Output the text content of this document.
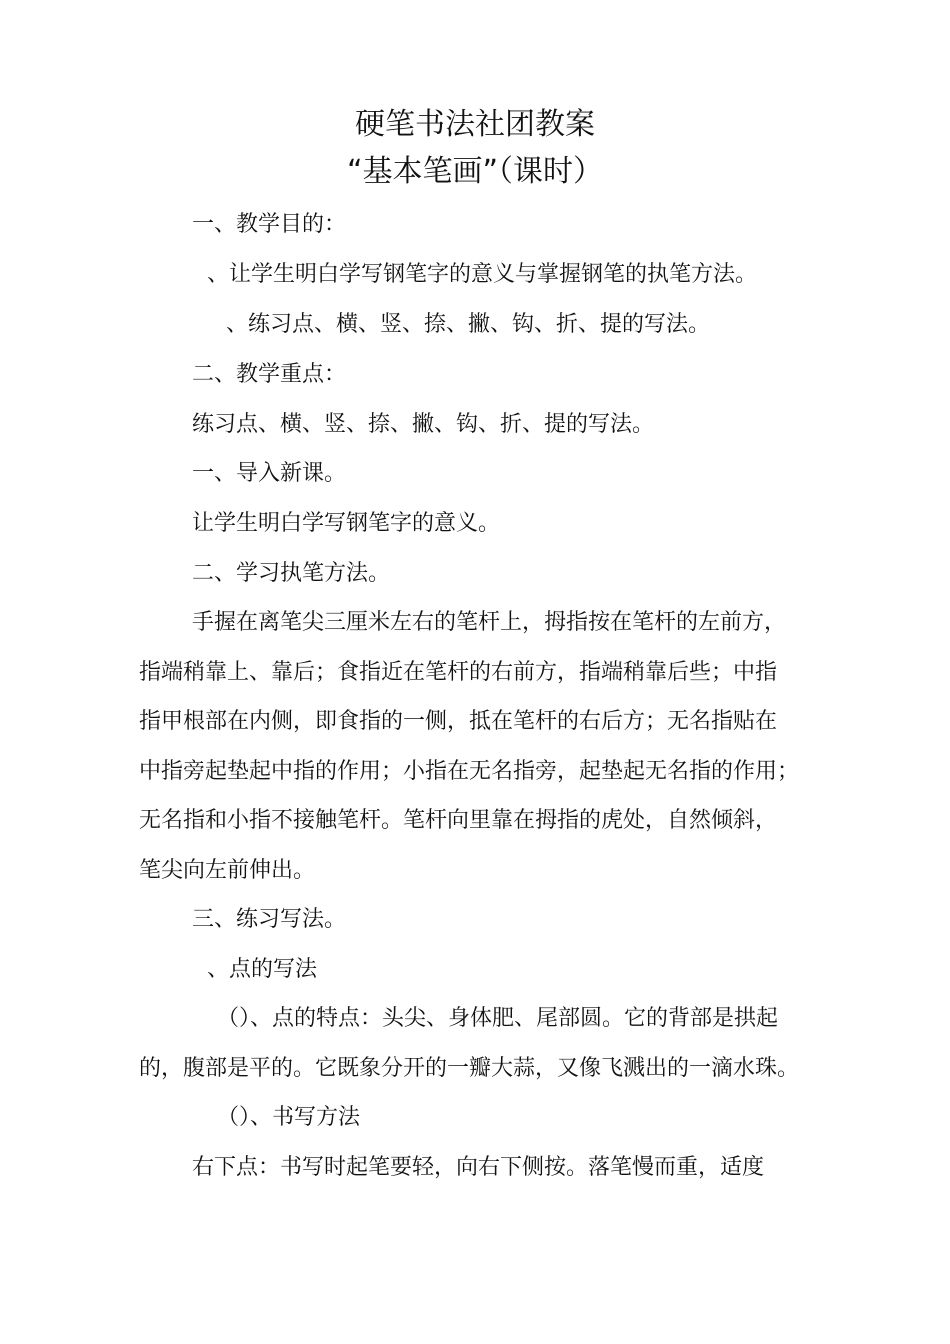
硬笔书法社团教案
“基本笔画”（课时）
一、教学目的：
、让学生明白学写钢笔字的意义与掌握钢笔的执笔方法。
、练习点、横、竖、捺、撇、钩、折、提的写法。
二、教学重点：
练习点、横、竖、捺、撇、钩、折、提的写法。
一、导入新课。
让学生明白学写钢笔字的意义。
二、学习执笔方法。
手握在离笔尖三厘米左右的笔杆上，拇指按在笔杆的左前方，
指端稍靠上、靠后；食指近在笔杆的右前方，指端稍靠后些；中指
指甲根部在内侧，即食指的一侧，抵在笔杆的右后方；无名指贴在
中指旁起垫起中指的作用；小指在无名指旁，起垫起无名指的作用；
无名指和小指不接触笔杆。笔杆向里靠在拇指的虎处，自然倾斜，
笔尖向左前伸出。
三、练习写法。
、点的写法
（）、点的特点：头尖、身体肥、尾部圆。它的背部是拱起
的，腹部是平的。它既象分开的一瓣大蒜，又像飞溅出的一滴水珠。
（）、书写方法
右下点：书写时起笔要轻，向右下侧按。落笔慢而重，适度
